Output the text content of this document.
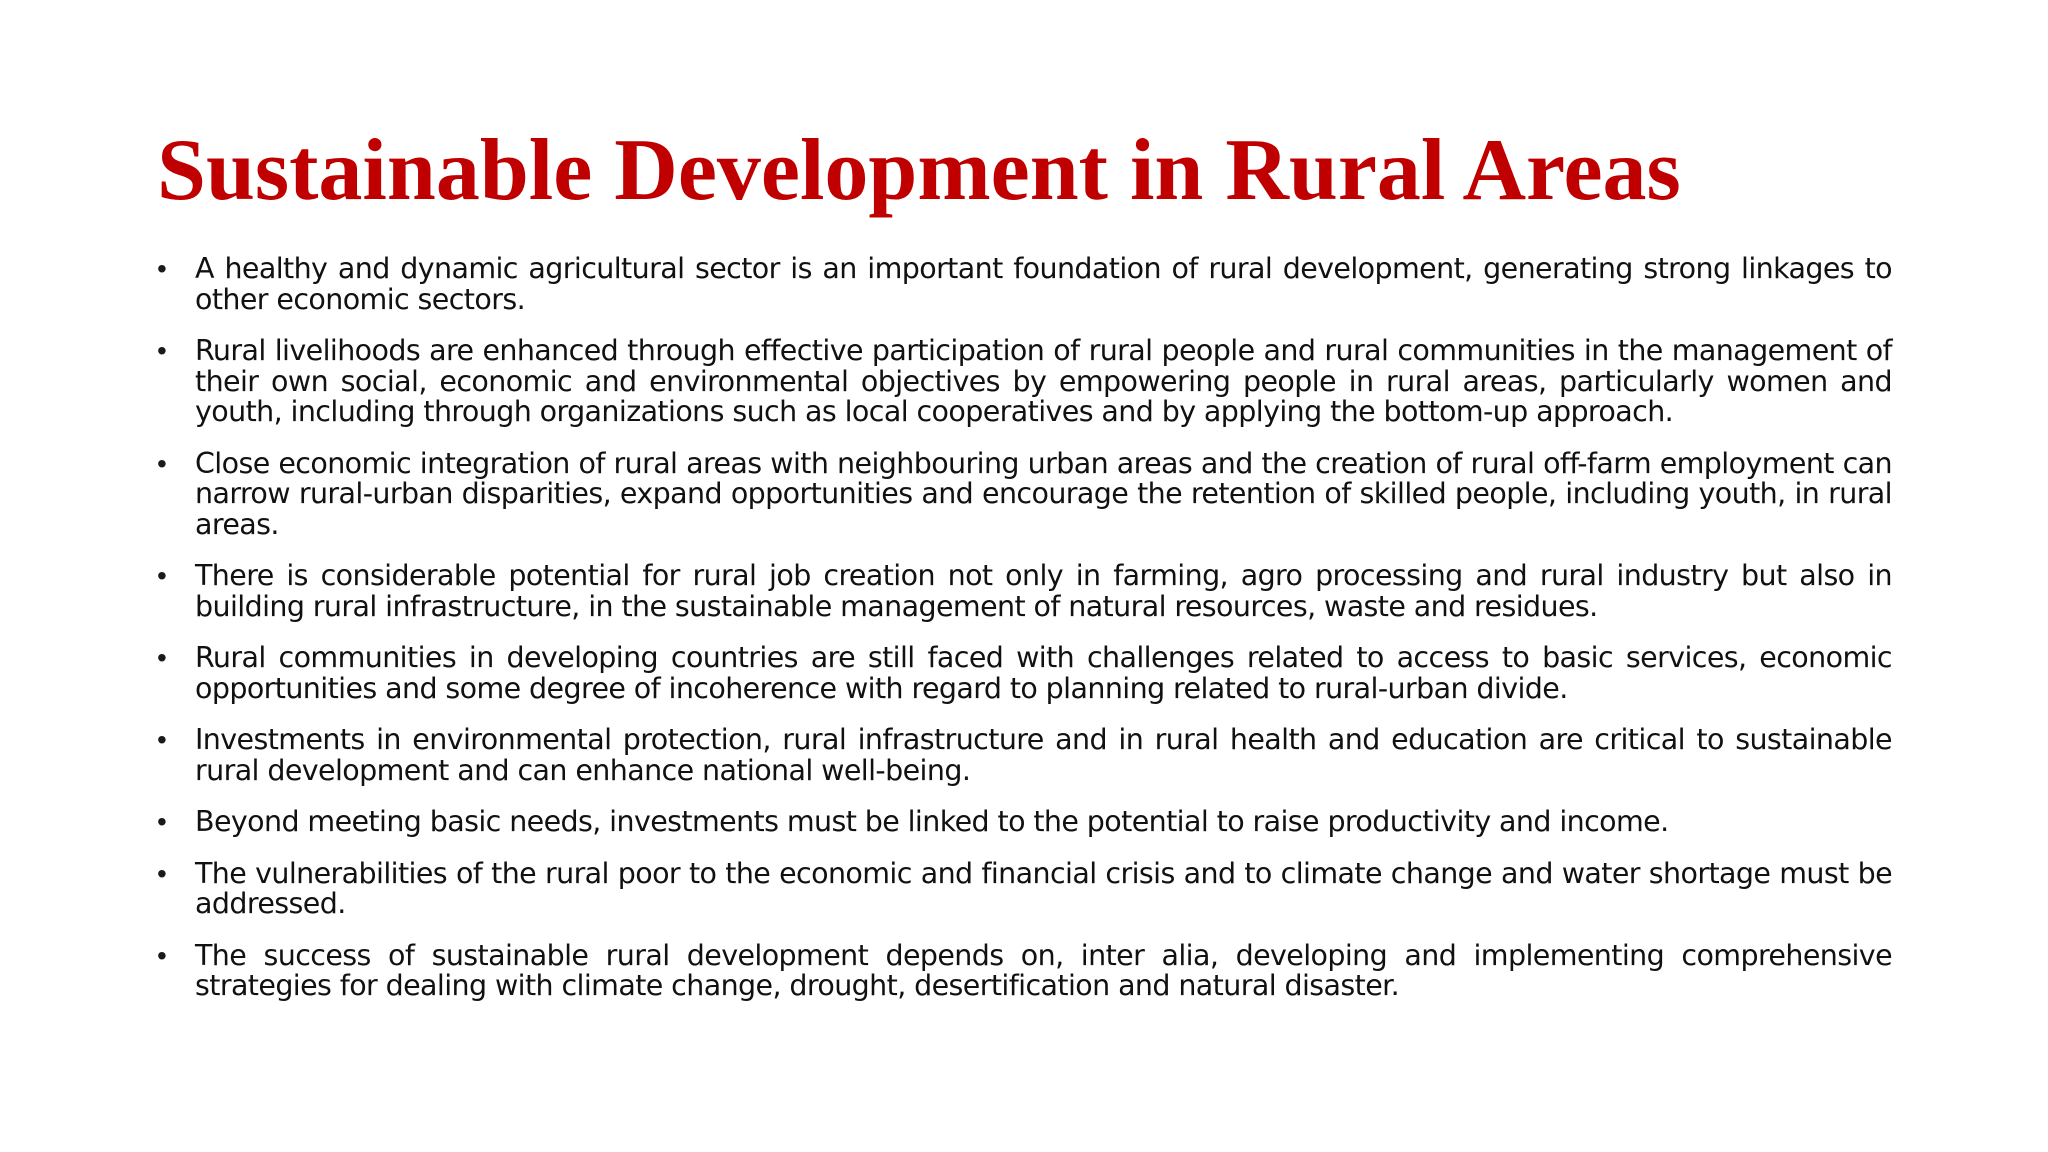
Sustainable Development in Rural Areas
• A healthy and dynamic agricultural sector is an important foundation of rural development, generating strong linkages to other economic sectors.
• Rural livelihoods are enhanced through effective participation of rural people and rural communities in the management of their own social, economic and environmental objectives by empowering people in rural areas, particularly women and youth, including through organizations such as local cooperatives and by applying the bottom-up approach.
• Close economic integration of rural areas with neighbouring urban areas and the creation of rural off-farm employment can narrow rural-urban disparities, expand opportunities and encourage the retention of skilled people, including youth, in rural areas.
• There is considerable potential for rural job creation not only in farming, agro processing and rural industry but also in building rural infrastructure, in the sustainable management of natural resources, waste and residues.
• Rural communities in developing countries are still faced with challenges related to access to basic services, economic opportunities and some degree of incoherence with regard to planning related to rural-urban divide.
• Investments in environmental protection, rural infrastructure and in rural health and education are critical to sustainable rural development and can enhance national well-being.
• Beyond meeting basic needs, investments must be linked to the potential to raise productivity and income.
• The vulnerabilities of the rural poor to the economic and financial crisis and to climate change and water shortage must be addressed.
• The success of sustainable rural development depends on, inter alia, developing and implementing comprehensive strategies for dealing with climate change, drought, desertification and natural disaster.
